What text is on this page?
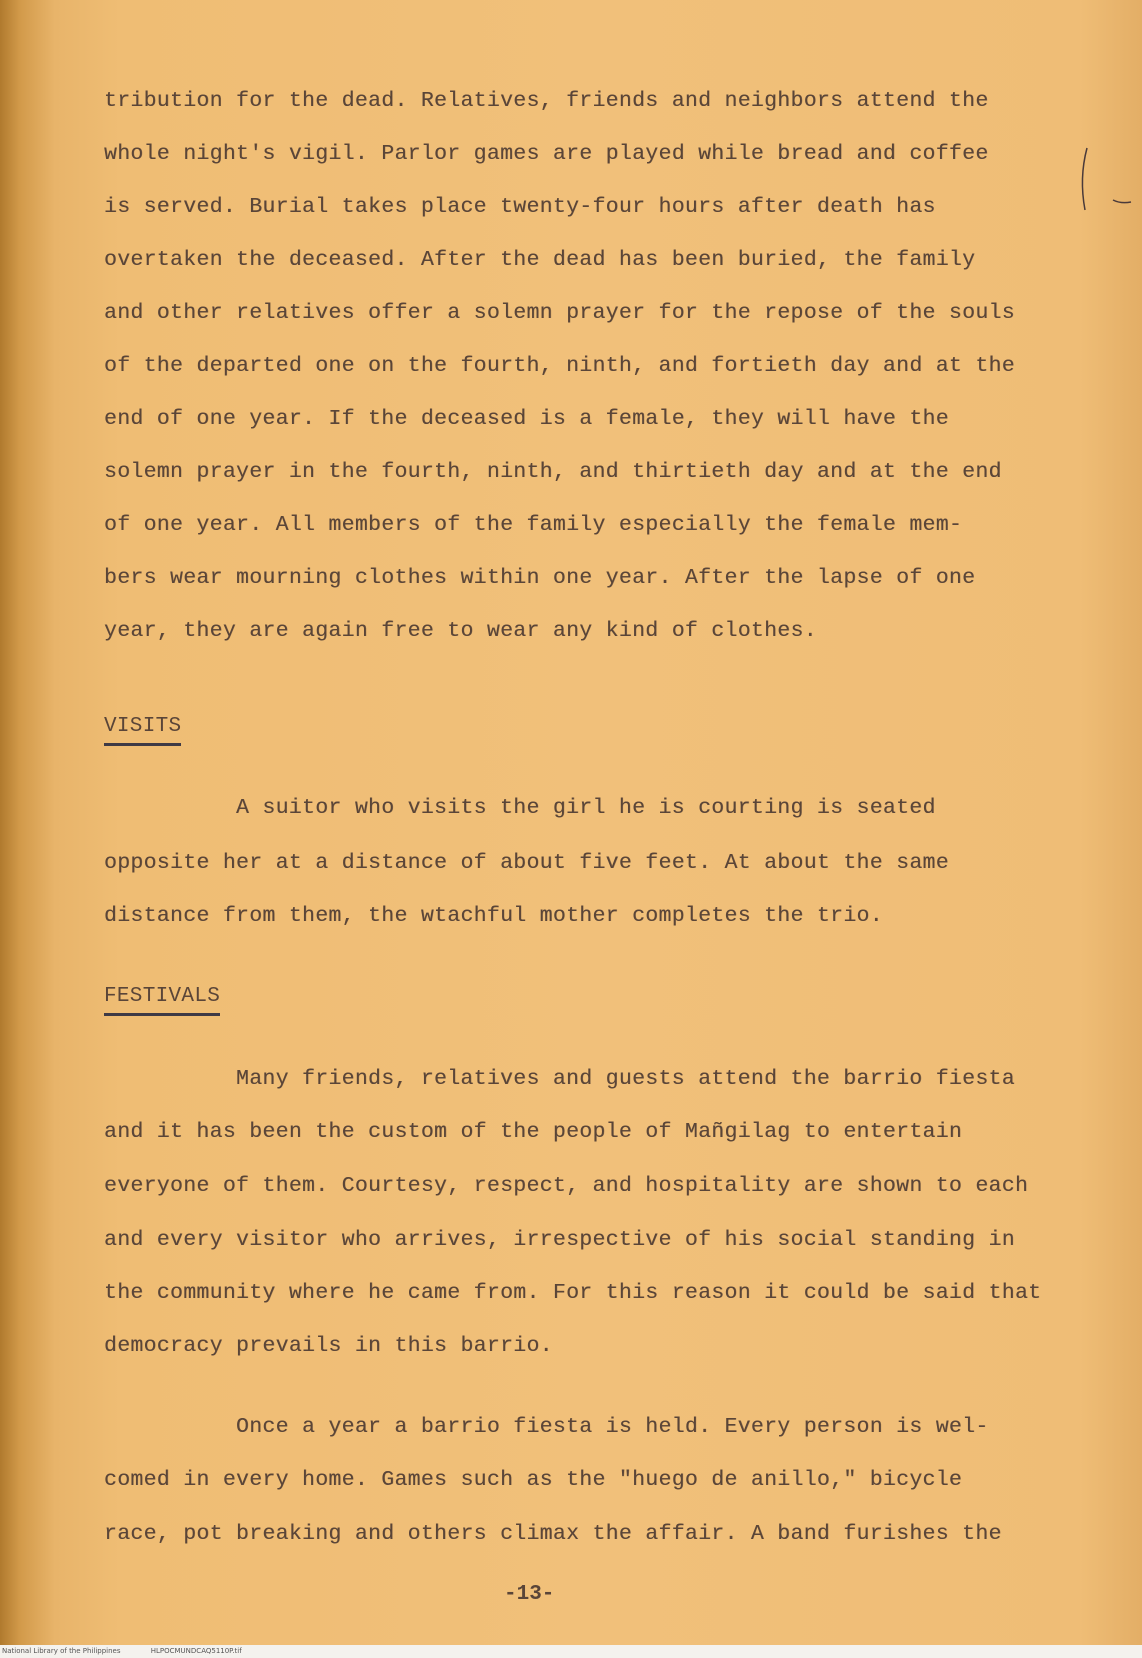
tribution for the dead. Relatives, friends and neighbors attend the
whole night's vigil. Parlor games are played while bread and coffee
is served. Burial takes place twenty-four hours after death has
overtaken the deceased. After the dead has been buried, the family
and other relatives offer a solemn prayer for the repose of the souls
of the departed one on the fourth, ninth, and fortieth day and at the
end of one year. If the deceased is a female, they will have the
solemn prayer in the fourth, ninth, and thirtieth day and at the end
of one year. All members of the family especially the female mem-
bers wear mourning clothes within one year. After the lapse of one
year, they are again free to wear any kind of clothes.
VISITS
A suitor who visits the girl he is courting is seated
opposite her at a distance of about five feet. At about the same
distance from them, the wtachful mother completes the trio.
FESTIVALS
Many friends, relatives and guests attend the barrio fiesta
and it has been the custom of the people of Mañgilag to entertain
everyone of them. Courtesy, respect, and hospitality are shown to each
and every visitor who arrives, irrespective of his social standing in
the community where he came from. For this reason it could be said that
democracy prevails in this barrio.
Once a year a barrio fiesta is held. Every person is wel-
comed in every home. Games such as the "huego de anillo," bicycle
race, pot breaking and others climax the affair. A band furishes the
-13-
National Library of the Philippines	HLPOCMUNDCAQ5110P.tif
